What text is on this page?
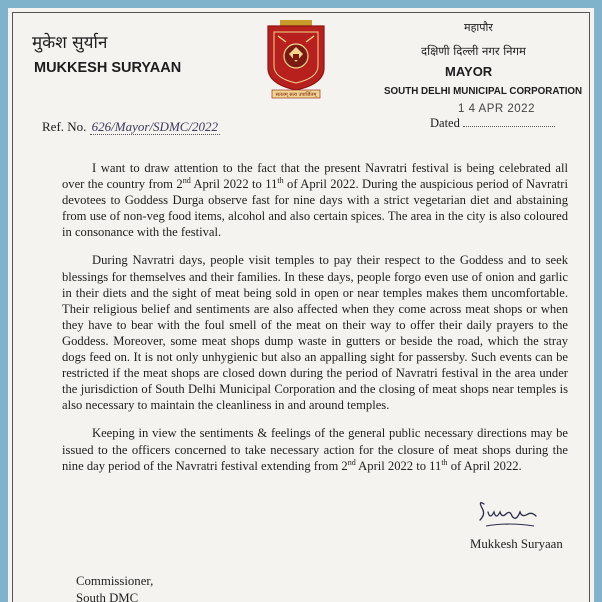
मुकेश सुर्यान
MUKKESH SURYAAN
सततम् सत्य उपार्जितम्
महापौर
दक्षिणी दिल्ली नगर निगम
MAYOR
SOUTH DELHI MUNICIPAL CORPORATION
Ref. No. 626/Mayor/SDMC/2022
1 4 APR 2022
Dated

I want to draw attention to the fact that the present Navratri festival is being celebrated all over the country from 2nd April 2022 to 11th of April 2022. During the auspicious period of Navratri devotees to Goddess Durga observe fast for nine days with a strict vegetarian diet and abstaining from use of non-veg food items, alcohol and also certain spices. The area in the city is also coloured in consonance with the festival.

During Navratri days, people visit temples to pay their respect to the Goddess and to seek blessings for themselves and their families. In these days, people forgo even use of onion and garlic in their diets and the sight of meat being sold in open or near temples makes them uncomfortable. Their religious belief and sentiments are also affected when they come across meat shops or when they have to bear with the foul smell of the meat on their way to offer their daily prayers to the Goddess. Moreover, some meat shops dump waste in gutters or beside the road, which the stray dogs feed on. It is not only unhygienic but also an appalling sight for passersby. Such events can be restricted if the meat shops are closed down during the period of Navratri festival in the area under the jurisdiction of South Delhi Municipal Corporation and the closing of meat shops near temples is also necessary to maintain the cleanliness in and around temples.

Keeping in view the sentiments & feelings of the general public necessary directions may be issued to the officers concerned to take necessary action for the closure of meat shops during the nine day period of the Navratri festival extending from 2nd April 2022 to 11th of April 2022.

Mukkesh Suryaan
Commissioner,
South DMC
